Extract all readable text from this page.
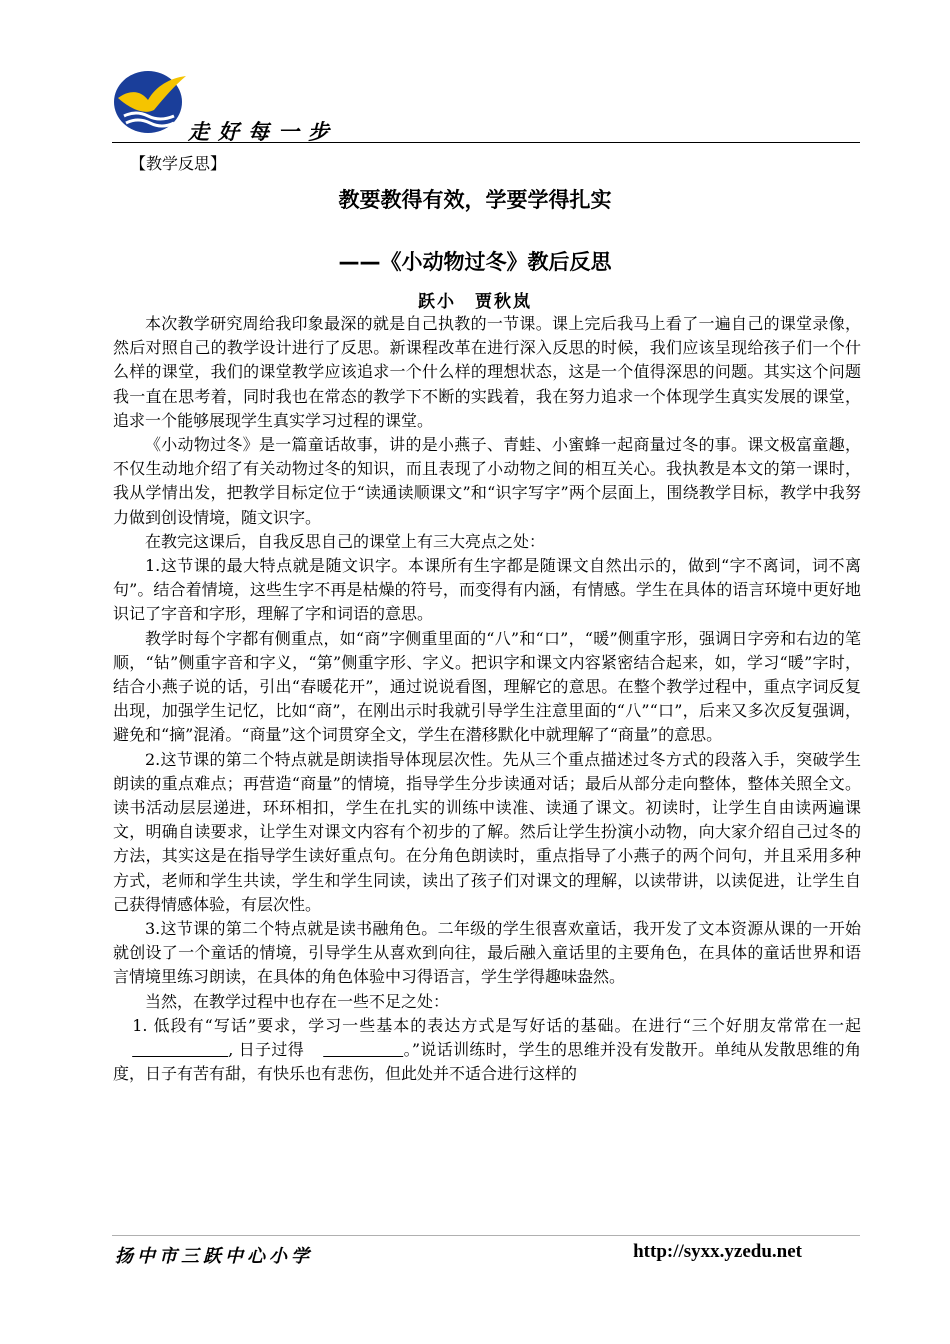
走好每一步
【教学反思】
教要教得有效，学要学得扎实
——《小动物过冬》教后反思
跃小　贾秋岚

本次教学研究周给我印象最深的就是自己执教的一节课。课上完后我马上看了一遍自己的课堂录像，然后对照自己的教学设计进行了反思。新课程改革在进行深入反思的时候，我们应该呈现给孩子们一个什么样的课堂，我们的课堂教学应该追求一个什么样的理想状态，这是一个值得深思的问题。其实这个问题我一直在思考着，同时我也在常态的教学下不断的实践着，我在努力追求一个体现学生真实发展的课堂，追求一个能够展现学生真实学习过程的课堂。

《小动物过冬》是一篇童话故事，讲的是小燕子、青蛙、小蜜蜂一起商量过冬的事。课文极富童趣，不仅生动地介绍了有关动物过冬的知识，而且表现了小动物之间的相互关心。我执教是本文的第一课时，我从学情出发，把教学目标定位于“读通读顺课文”和“识字写字”两个层面上，围绕教学目标，教学中我努力做到创设情境，随文识字。

在教完这课后，自我反思自己的课堂上有三大亮点之处：

1.这节课的最大特点就是随文识字。本课所有生字都是随课文自然出示的，做到“字不离词，词不离句”。结合着情境，这些生字不再是枯燥的符号，而变得有内涵，有情感。学生在具体的语言环境中更好地识记了字音和字形，理解了字和词语的意思。

教学时每个字都有侧重点，如“商”字侧重里面的“八”和“口”，“暖”侧重字形，强调日字旁和右边的笔顺，“钻”侧重字音和字义，“第”侧重字形、字义。把识字和课文内容紧密结合起来，如，学习“暖”字时，结合小燕子说的话，引出“春暖花开”，通过说说看图，理解它的意思。在整个教学过程中，重点字词反复出现，加强学生记忆，比如“商”，在刚出示时我就引导学生注意里面的“八”“口”，后来又多次反复强调，避免和“摘”混淆。“商量”这个词贯穿全文，学生在潜移默化中就理解了“商量”的意思。

2.这节课的第二个特点就是朗读指导体现层次性。先从三个重点描述过冬方式的段落入手，突破学生朗读的重点难点；再营造“商量”的情境，指导学生分步读通对话；最后从部分走向整体，整体关照全文。读书活动层层递进，环环相扣，学生在扎实的训练中读准、读通了课文。初读时，让学生自由读两遍课文，明确自读要求，让学生对课文内容有个初步的了解。然后让学生扮演小动物，向大家介绍自己过冬的方法，其实这是在指导学生读好重点句。在分角色朗读时，重点指导了小燕子的两个问句，并且采用多种方式，老师和学生共读，学生和学生同读，读出了孩子们对课文的理解，以读带讲，以读促进，让学生自己获得情感体验，有层次性。

3.这节课的第二个特点就是读书融角色。二年级的学生很喜欢童话，我开发了文本资源从课的一开始就创设了一个童话的情境，引导学生从喜欢到向往，最后融入童话里的主要角色，在具体的童话世界和语言情境里练习朗读，在具体的角色体验中习得语言，学生学得趣味盎然。

当然，在教学过程中也存在一些不足之处：

1. 低段有“写话”要求，学习一些基本的表达方式是写好话的基础。在进行“三个好朋友常常在一起　　　　　　, 日子过得　　　　　	。”说话训练时，学生的思维并没有发散开。单纯从发散思维的角度，日子有苦有甜，有快乐也有悲伤，但此处并不适合进行这样的

扬中市三跃中心小学	http://syxx.yzedu.net
